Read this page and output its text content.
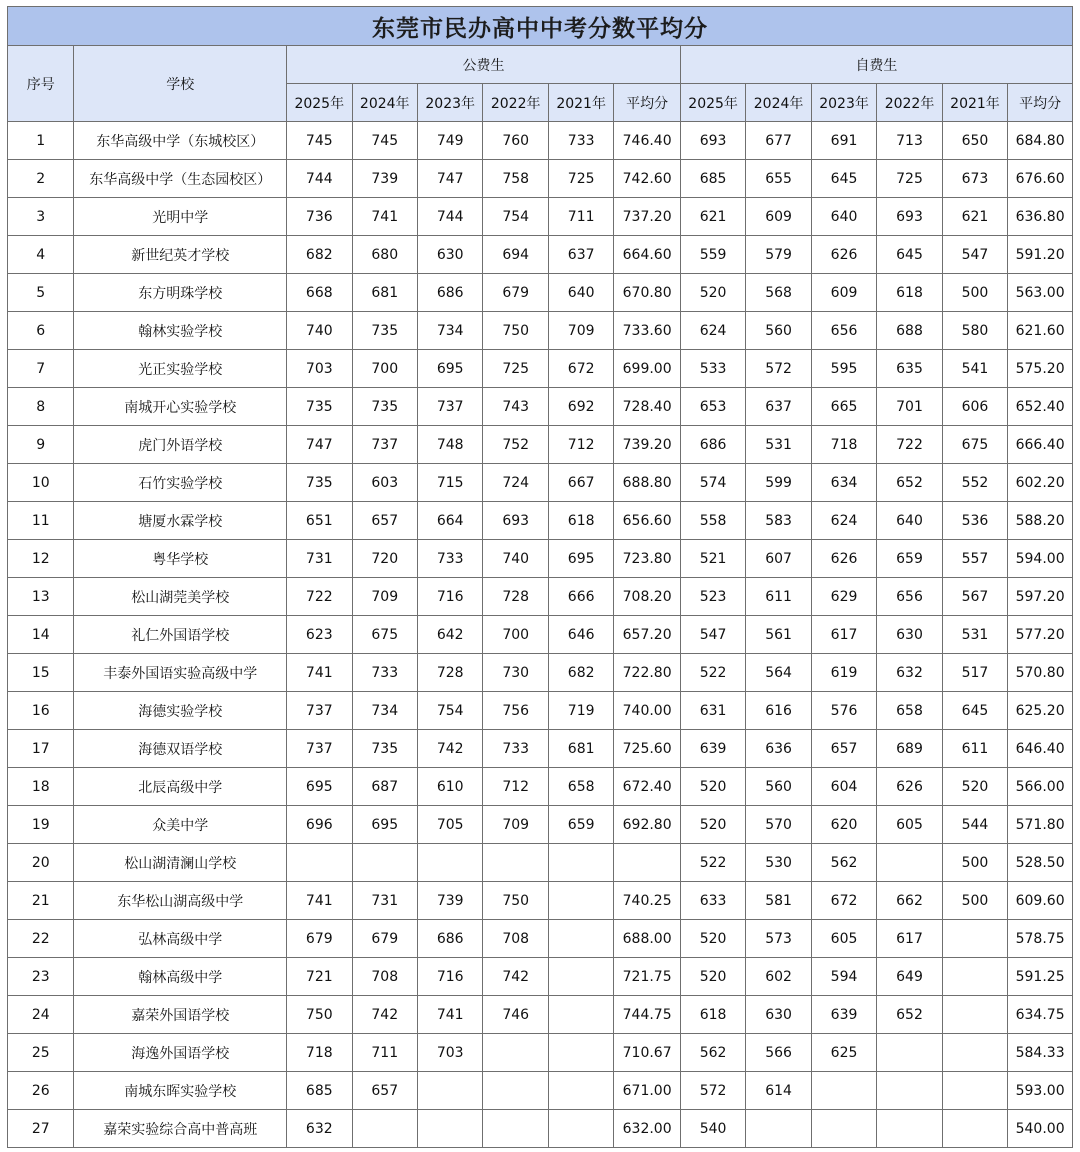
东莞市民办高中中考分数平均分													
序号	学校	公费生						自费生					
		2025年	2024年	2023年	2022年	2021年	平均分	2025年	2024年	2023年	2022年	2021年	平均分
1	东华高级中学（东城校区）	745	745	749	760	733	746.40	693	677	691	713	650	684.80
2	东华高级中学（生态园校区）	744	739	747	758	725	742.60	685	655	645	725	673	676.60
3	光明中学	736	741	744	754	711	737.20	621	609	640	693	621	636.80
4	新世纪英才学校	682	680	630	694	637	664.60	559	579	626	645	547	591.20
5	东方明珠学校	668	681	686	679	640	670.80	520	568	609	618	500	563.00
6	翰林实验学校	740	735	734	750	709	733.60	624	560	656	688	580	621.60
7	光正实验学校	703	700	695	725	672	699.00	533	572	595	635	541	575.20
8	南城开心实验学校	735	735	737	743	692	728.40	653	637	665	701	606	652.40
9	虎门外语学校	747	737	748	752	712	739.20	686	531	718	722	675	666.40
10	石竹实验学校	735	603	715	724	667	688.80	574	599	634	652	552	602.20
11	塘厦水霖学校	651	657	664	693	618	656.60	558	583	624	640	536	588.20
12	粤华学校	731	720	733	740	695	723.80	521	607	626	659	557	594.00
13	松山湖莞美学校	722	709	716	728	666	708.20	523	611	629	656	567	597.20
14	礼仁外国语学校	623	675	642	700	646	657.20	547	561	617	630	531	577.20
15	丰泰外国语实验高级中学	741	733	728	730	682	722.80	522	564	619	632	517	570.80
16	海德实验学校	737	734	754	756	719	740.00	631	616	576	658	645	625.20
17	海德双语学校	737	735	742	733	681	725.60	639	636	657	689	611	646.40
18	北辰高级中学	695	687	610	712	658	672.40	520	560	604	626	520	566.00
19	众美中学	696	695	705	709	659	692.80	520	570	620	605	544	571.80
20	松山湖清澜山学校							522	530	562		500	528.50
21	东华松山湖高级中学	741	731	739	750		740.25	633	581	672	662	500	609.60
22	弘林高级中学	679	679	686	708		688.00	520	573	605	617		578.75
23	翰林高级中学	721	708	716	742		721.75	520	602	594	649		591.25
24	嘉荣外国语学校	750	742	741	746		744.75	618	630	639	652		634.75
25	海逸外国语学校	718	711	703			710.67	562	566	625			584.33
26	南城东晖实验学校	685	657				671.00	572	614				593.00
27	嘉荣实验综合高中普高班	632					632.00	540					540.00
